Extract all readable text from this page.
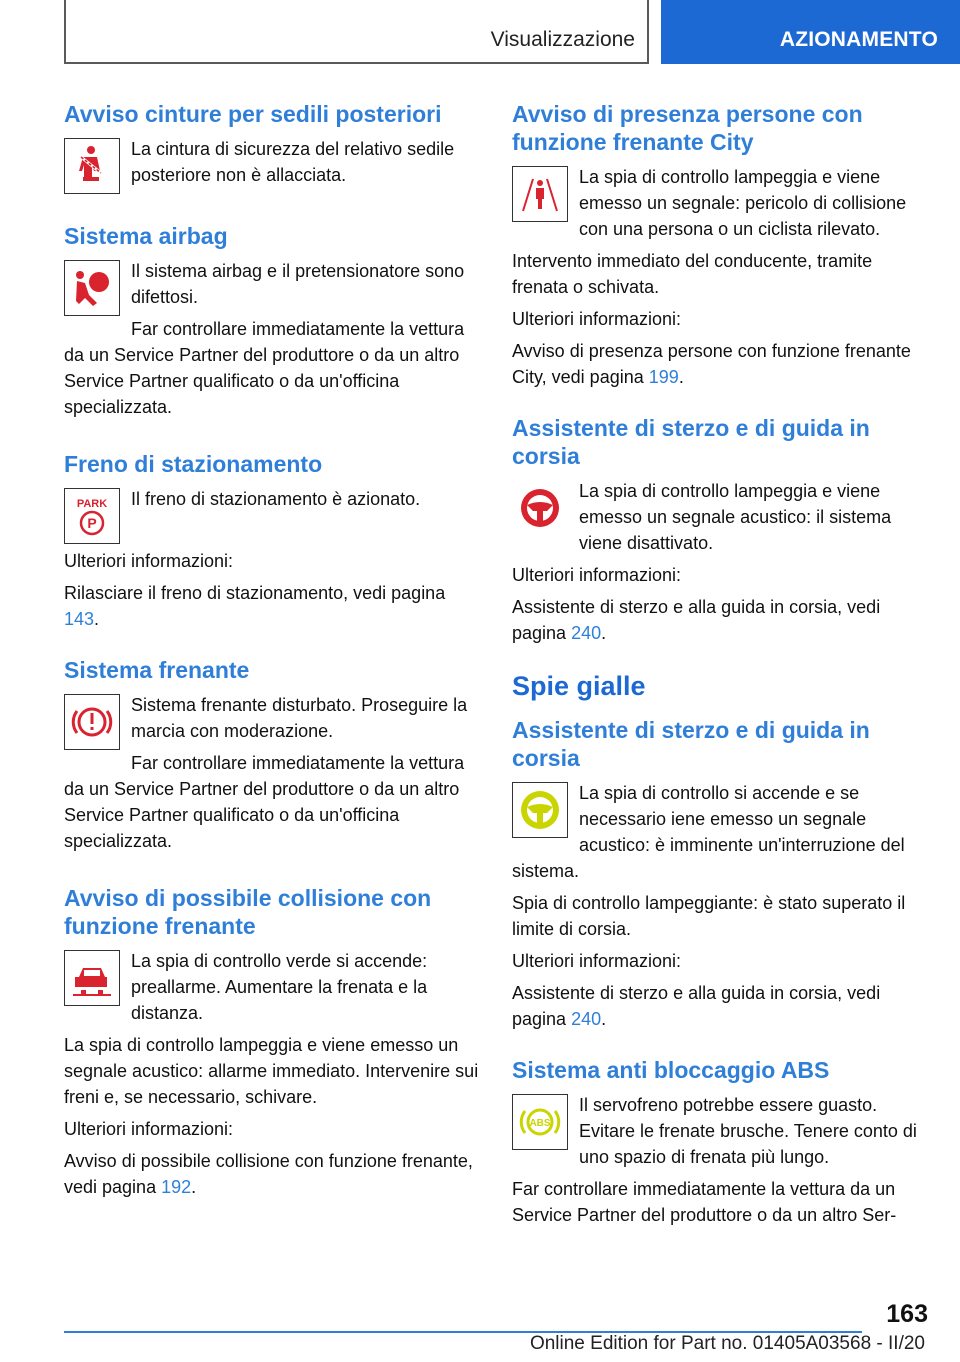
Visualizzazione	AZIONAMENTO
Avviso cinture per sedili posteriori

La cintura di sicurezza del relativo sedile posteriore non è allacciata.

Sistema airbag

Il sistema airbag e il pretensionatore sono difettosi.

Far controllare immediatamente la vettura da un Service Partner del produttore o da un altro Service Partner qualificato o da un'officina specializzata.

Freno di stazionamento
PARK
P

Il freno di stazionamento è azionato.

Ulteriori informazioni:

Rilasciare il freno di stazionamento, vedi pagina 143.

Sistema frenante

Sistema frenante disturbato. Proseguire la marcia con moderazione.

Far controllare immediatamente la vettura da un Service Partner del produttore o da un altro Service Partner qualificato o da un'officina specializzata.

Avviso di possibile collisione con funzione frenante

La spia di controllo verde si accende: preallarme. Aumentare la frenata e la distanza.

La spia di controllo lampeggia e viene emesso un segnale acustico: allarme immediato. Intervenire sui freni e, se necessario, schivare.

Ulteriori informazioni:

Avviso di possibile collisione con funzione frenante, vedi pagina 192.

Avviso di presenza persone con funzione frenante City

La spia di controllo lampeggia e viene emesso un segnale: pericolo di collisione con una persona o un ciclista rilevato.

Intervento immediato del conducente, tramite frenata o schivata.

Ulteriori informazioni:

Avviso di presenza persone con funzione frenante City, vedi pagina 199.

Assistente di sterzo e di guida in corsia

La spia di controllo lampeggia e viene emesso un segnale acustico: il sistema viene disattivato.

Ulteriori informazioni:

Assistente di sterzo e alla guida in corsia, vedi pagina 240.

Spie gialle
Assistente di sterzo e di guida in corsia

La spia di controllo si accende e se necessario iene emesso un segnale acustico: è imminente un'interruzione del sistema.

Spia di controllo lampeggiante: è stato superato il limite di corsia.

Ulteriori informazioni:

Assistente di sterzo e alla guida in corsia, vedi pagina 240.

Sistema anti bloccaggio ABS
ABS

Il servofreno potrebbe essere guasto. Evitare le frenate brusche. Tenere conto di uno spazio di frenata più lungo.

Far controllare immediatamente la vettura da un Service Partner del produttore o da un altro Ser-

163
Online Edition for Part no. 01405A03568 - II/20
